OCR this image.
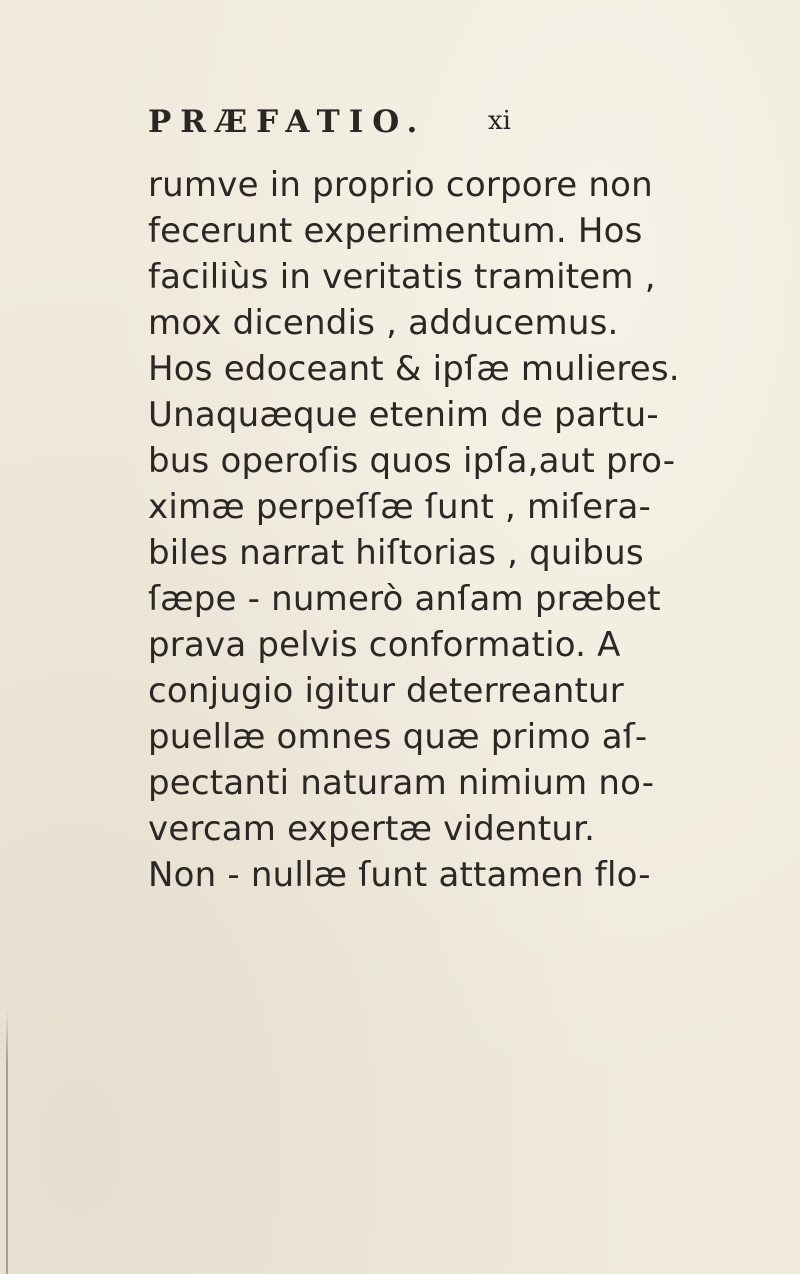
PRÆFATIO. xi
rumve in proprio corpore non
fecerunt experimentum. Hos
faciliùs in veritatis tramitem ,
mox dicendis , adducemus.
Hos edoceant & ipſæ mulieres.
Unaquæque etenim de partu-
bus operoſis quos ipſa,aut pro-
ximæ perpeſſæ ſunt , miſera-
biles narrat hiſtorias , quibus
ſæpe - numerò anſam præbet
prava pelvis conformatio. A
conjugio igitur deterreantur
puellæ omnes quæ primo aſ-
pectanti naturam nimium no-
vercam expertæ videntur.
Non - nullæ ſunt attamen flo-
